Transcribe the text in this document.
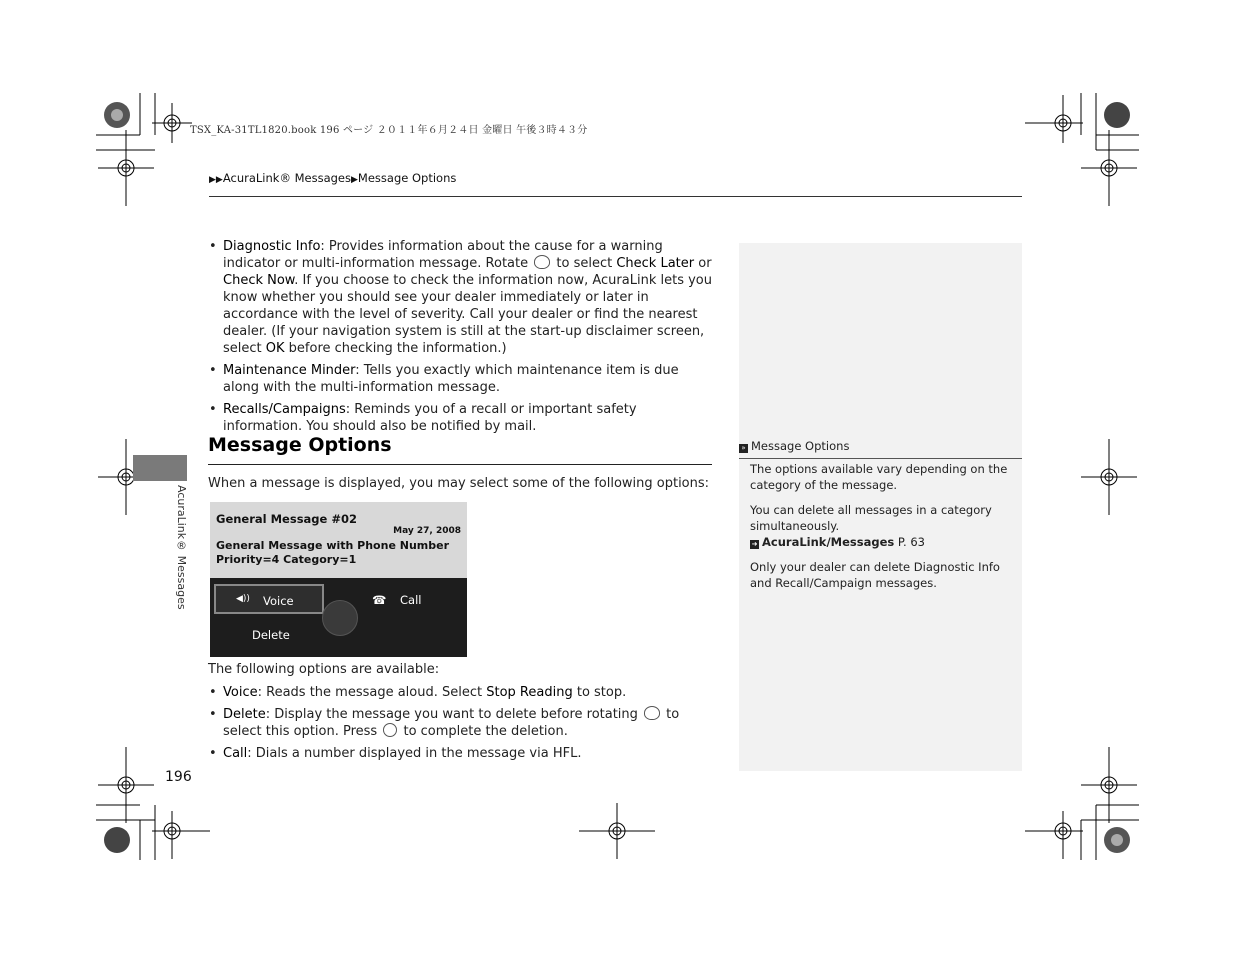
TSX_KA-31TL1820.book 196 ページ ２０１１年６月２４日 金曜日 午後３時４３分
▶▶AcuraLink® Messages▶Message Options
AcuraLink® Messages
• Diagnostic Info: Provides information about the cause for a warning indicator or multi-information message. Rotate  to select Check Later or Check Now. If you choose to check the information now, AcuraLink lets you know whether you should see your dealer immediately or later in accordance with the level of severity. Call your dealer or find the nearest dealer. (If your navigation system is still at the start-up disclaimer screen, select OK before checking the information.)
• Maintenance Minder: Tells you exactly which maintenance item is due along with the multi-information message.
• Recalls/Campaigns: Reminds you of a recall or important safety information. You should also be notified by mail.
Message Options
When a message is displayed, you may select some of the following options:
General Message #02
May 27, 2008
General Message with Phone Number
Priority=4 Category=1
◀)) Voice	☎ Call
Delete
The following options are available:
• Voice: Reads the message aloud. Select Stop Reading to stop.
• Delete: Display the message you want to delete before rotating  to select this option. Press  to complete the deletion.
• Call: Dials a number displayed in the message via HFL.
196
» Message Options

The options available vary depending on the category of the message.

You can delete all messages in a category simultaneously.
➜ AcuraLink/Messages P. 63

Only your dealer can delete Diagnostic Info and Recall/Campaign messages.
